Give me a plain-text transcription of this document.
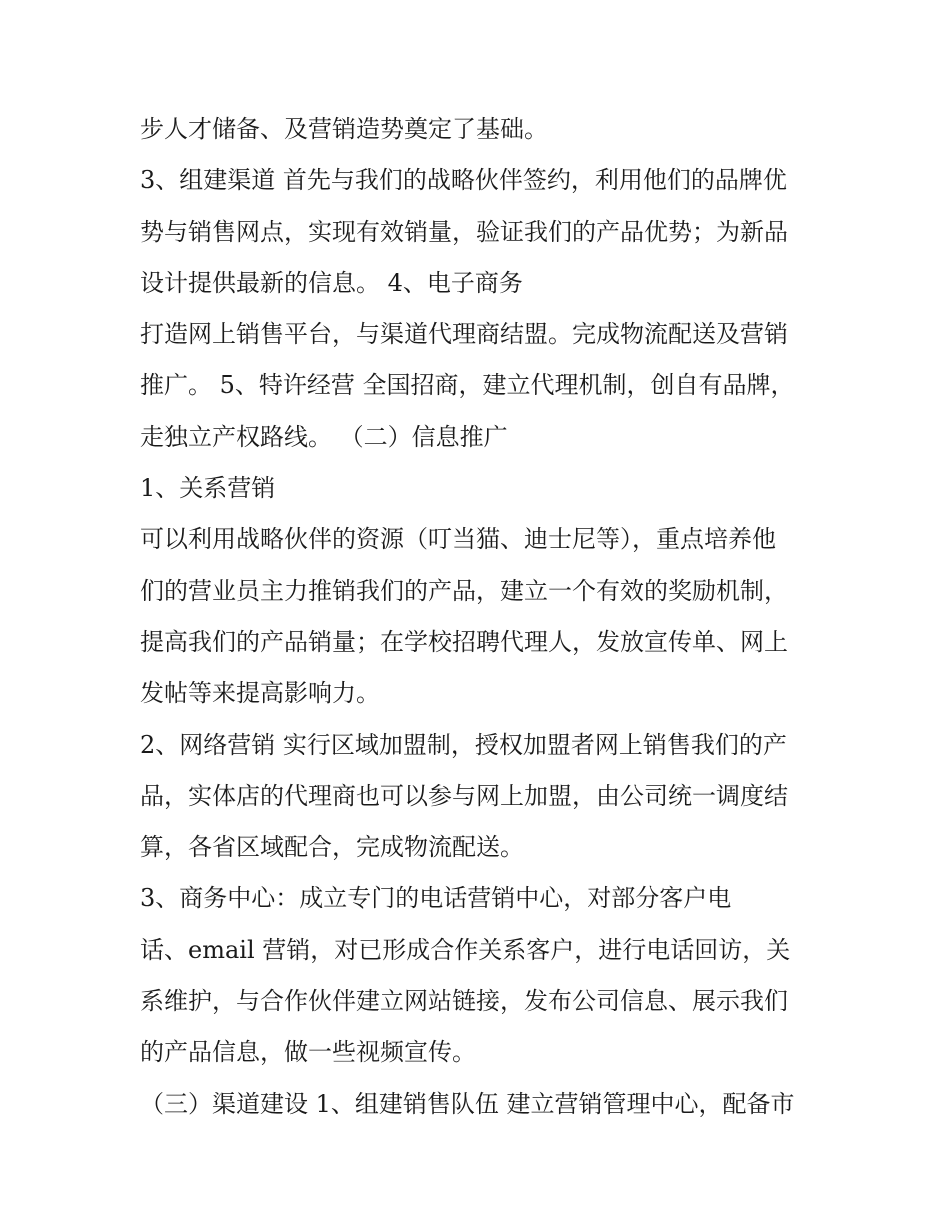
步人才储备、及营销造势奠定了基础。
3、组建渠道 首先与我们的战略伙伴签约，利用他们的品牌优
势与销售网点，实现有效销量，验证我们的产品优势；为新品
设计提供最新的信息。 4、电子商务
打造网上销售平台，与渠道代理商结盟。完成物流配送及营销
推广。 5、特许经营 全国招商，建立代理机制，创自有品牌，
走独立产权路线。 （二）信息推广
1、关系营销
可以利用战略伙伴的资源（叮当猫、迪士尼等），重点培养他
们的营业员主力推销我们的产品，建立一个有效的奖励机制，
提高我们的产品销量；在学校招聘代理人，发放宣传单、网上
发帖等来提高影响力。
2、网络营销 实行区域加盟制，授权加盟者网上销售我们的产
品，实体店的代理商也可以参与网上加盟，由公司统一调度结
算，各省区域配合，完成物流配送。
3、商务中心：成立专门的电话营销中心，对部分客户电
话、email 营销，对已形成合作关系客户，进行电话回访，关
系维护，与合作伙伴建立网站链接，发布公司信息、展示我们
的产品信息，做一些视频宣传。
（三）渠道建设 1、组建销售队伍 建立营销管理中心，配备市
